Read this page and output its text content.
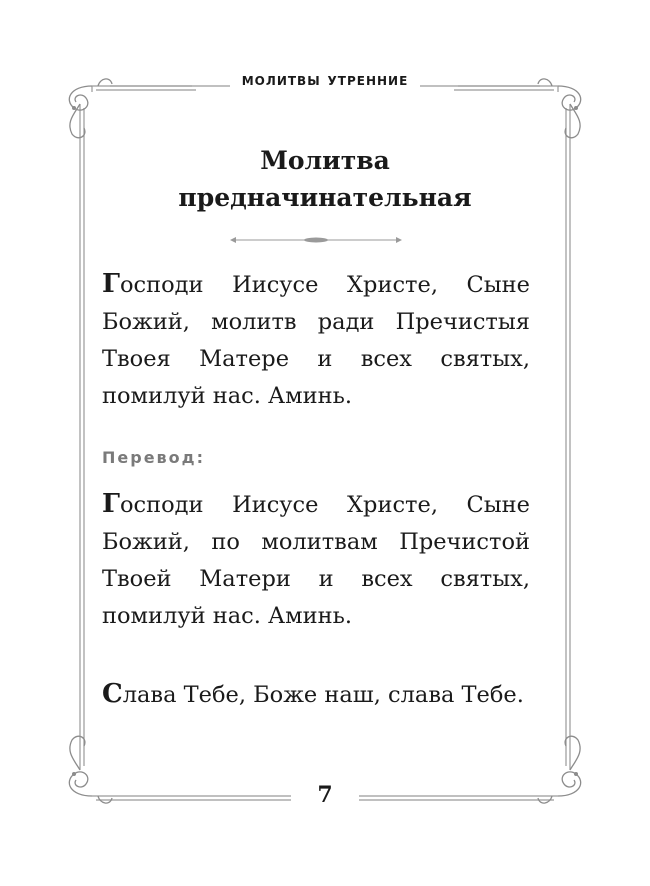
молитвы утренние
Молитва
предначинательная

Господи Иисусе Христе, Сыне Божий, молитв ради Пречистыя Твоея Матере и всех святых, помилуй нас. Аминь.

Перевод:

Господи Иисусе Христе, Сыне Божий, по молитвам Пречистой Твоей Матери и всех святых, помилуй нас. Аминь.

Слава Тебе, Боже наш, слава Тебе.

7
